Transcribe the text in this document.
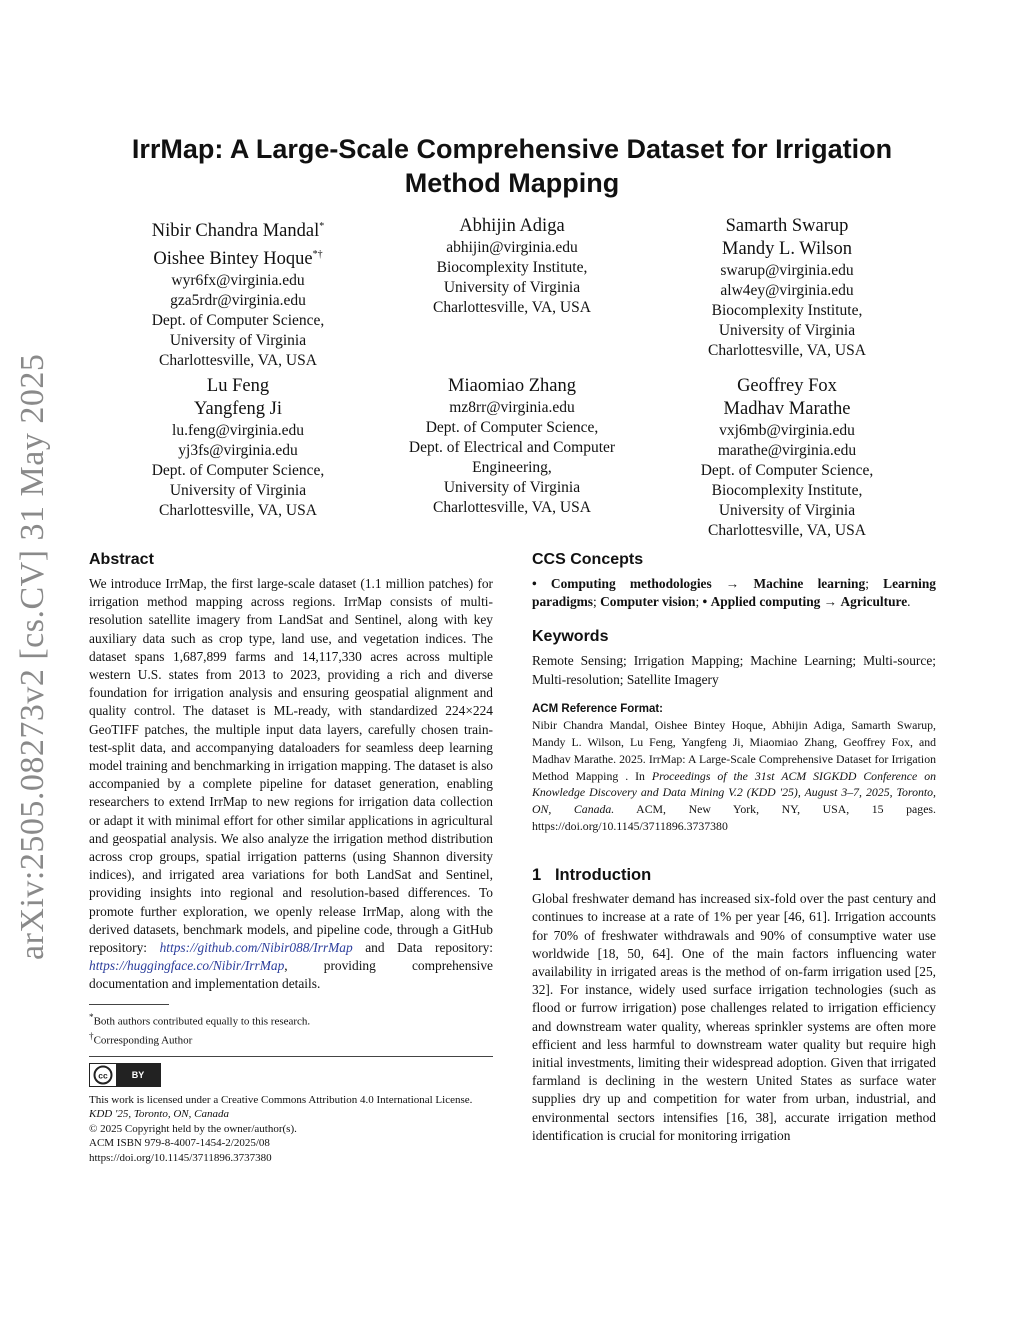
arXiv:2505.08273v2 [cs.CV] 31 May 2025
IrrMap: A Large-Scale Comprehensive Dataset for Irrigation Method Mapping
Nibir Chandra Mandal*
Oishee Bintey Hoque*†
wyr6fx@virginia.edu
gza5rdr@virginia.edu
Dept. of Computer Science,
University of Virginia
Charlottesville, VA, USA
Abhijin Adiga
abhijin@virginia.edu
Biocomplexity Institute,
University of Virginia
Charlottesville, VA, USA
Samarth Swarup
Mandy L. Wilson
swarup@virginia.edu
alw4ey@virginia.edu
Biocomplexity Institute,
University of Virginia
Charlottesville, VA, USA
Lu Feng
Yangfeng Ji
lu.feng@virginia.edu
yj3fs@virginia.edu
Dept. of Computer Science,
University of Virginia
Charlottesville, VA, USA
Miaomiao Zhang
mz8rr@virginia.edu
Dept. of Computer Science,
Dept. of Electrical and Computer
Engineering,
University of Virginia
Charlottesville, VA, USA
Geoffrey Fox
Madhav Marathe
vxj6mb@virginia.edu
marathe@virginia.edu
Dept. of Computer Science,
Biocomplexity Institute,
University of Virginia
Charlottesville, VA, USA
Abstract

We introduce IrrMap, the first large-scale dataset (1.1 million patches) for irrigation method mapping across regions. IrrMap consists of multi-resolution satellite imagery from LandSat and Sentinel, along with key auxiliary data such as crop type, land use, and vegetation indices. The dataset spans 1,687,899 farms and 14,117,330 acres across multiple western U.S. states from 2013 to 2023, providing a rich and diverse foundation for irrigation analysis and ensuring geospatial alignment and quality control. The dataset is ML-ready, with standardized 224×224 GeoTIFF patches, the multiple input data layers, carefully chosen train-test-split data, and accompanying dataloaders for seamless deep learning model training and benchmarking in irrigation mapping. The dataset is also accompanied by a complete pipeline for dataset generation, enabling researchers to extend IrrMap to new regions for irrigation data collection or adapt it with minimal effort for other similar applications in agricultural and geospatial analysis. We also analyze the irrigation method distribution across crop groups, spatial irrigation patterns (using Shannon diversity indices), and irrigated area variations for both LandSat and Sentinel, providing insights into regional and resolution-based differences. To promote further exploration, we openly release IrrMap, along with the derived datasets, benchmark models, and pipeline code, through a GitHub repository: https://github.com/Nibir088/IrrMap and Data repository: https://huggingface.co/Nibir/IrrMap, providing comprehensive documentation and implementation details.

*Both authors contributed equally to this research.
†Corresponding Author
cc	BY
This work is licensed under a Creative Commons Attribution 4.0 International License.
KDD '25, Toronto, ON, Canada
© 2025 Copyright held by the owner/author(s).
ACM ISBN 979-8-4007-1454-2/2025/08
https://doi.org/10.1145/3711896.3737380
CCS Concepts

• Computing methodologies → Machine learning; Learning paradigms; Computer vision; • Applied computing → Agriculture.

Keywords

Remote Sensing; Irrigation Mapping; Machine Learning; Multi-source; Multi-resolution; Satellite Imagery

ACM Reference Format:

Nibir Chandra Mandal, Oishee Bintey Hoque, Abhijin Adiga, Samarth Swarup, Mandy L. Wilson, Lu Feng, Yangfeng Ji, Miaomiao Zhang, Geoffrey Fox, and Madhav Marathe. 2025. IrrMap: A Large-Scale Comprehensive Dataset for Irrigation Method Mapping . In Proceedings of the 31st ACM SIGKDD Conference on Knowledge Discovery and Data Mining V.2 (KDD '25), August 3–7, 2025, Toronto, ON, Canada. ACM, New York, NY, USA, 15 pages. https://doi.org/10.1145/3711896.3737380

1 Introduction

Global freshwater demand has increased six-fold over the past century and continues to increase at a rate of 1% per year [46, 61]. Irrigation accounts for 70% of freshwater withdrawals and 90% of consumptive water use worldwide [18, 50, 64]. One of the main factors influencing water availability in irrigated areas is the method of on-farm irrigation used [25, 32]. For instance, widely used surface irrigation technologies (such as flood or furrow irrigation) pose challenges related to irrigation efficiency and downstream water quality, whereas sprinkler systems are often more efficient and less harmful to downstream water quality but require high initial investments, limiting their widespread adoption. Given that irrigated farmland is declining in the western United States as surface water supplies dry up and competition for water from urban, industrial, and environmental sectors intensifies [16, 38], accurate irrigation method identification is crucial for monitoring irrigation
